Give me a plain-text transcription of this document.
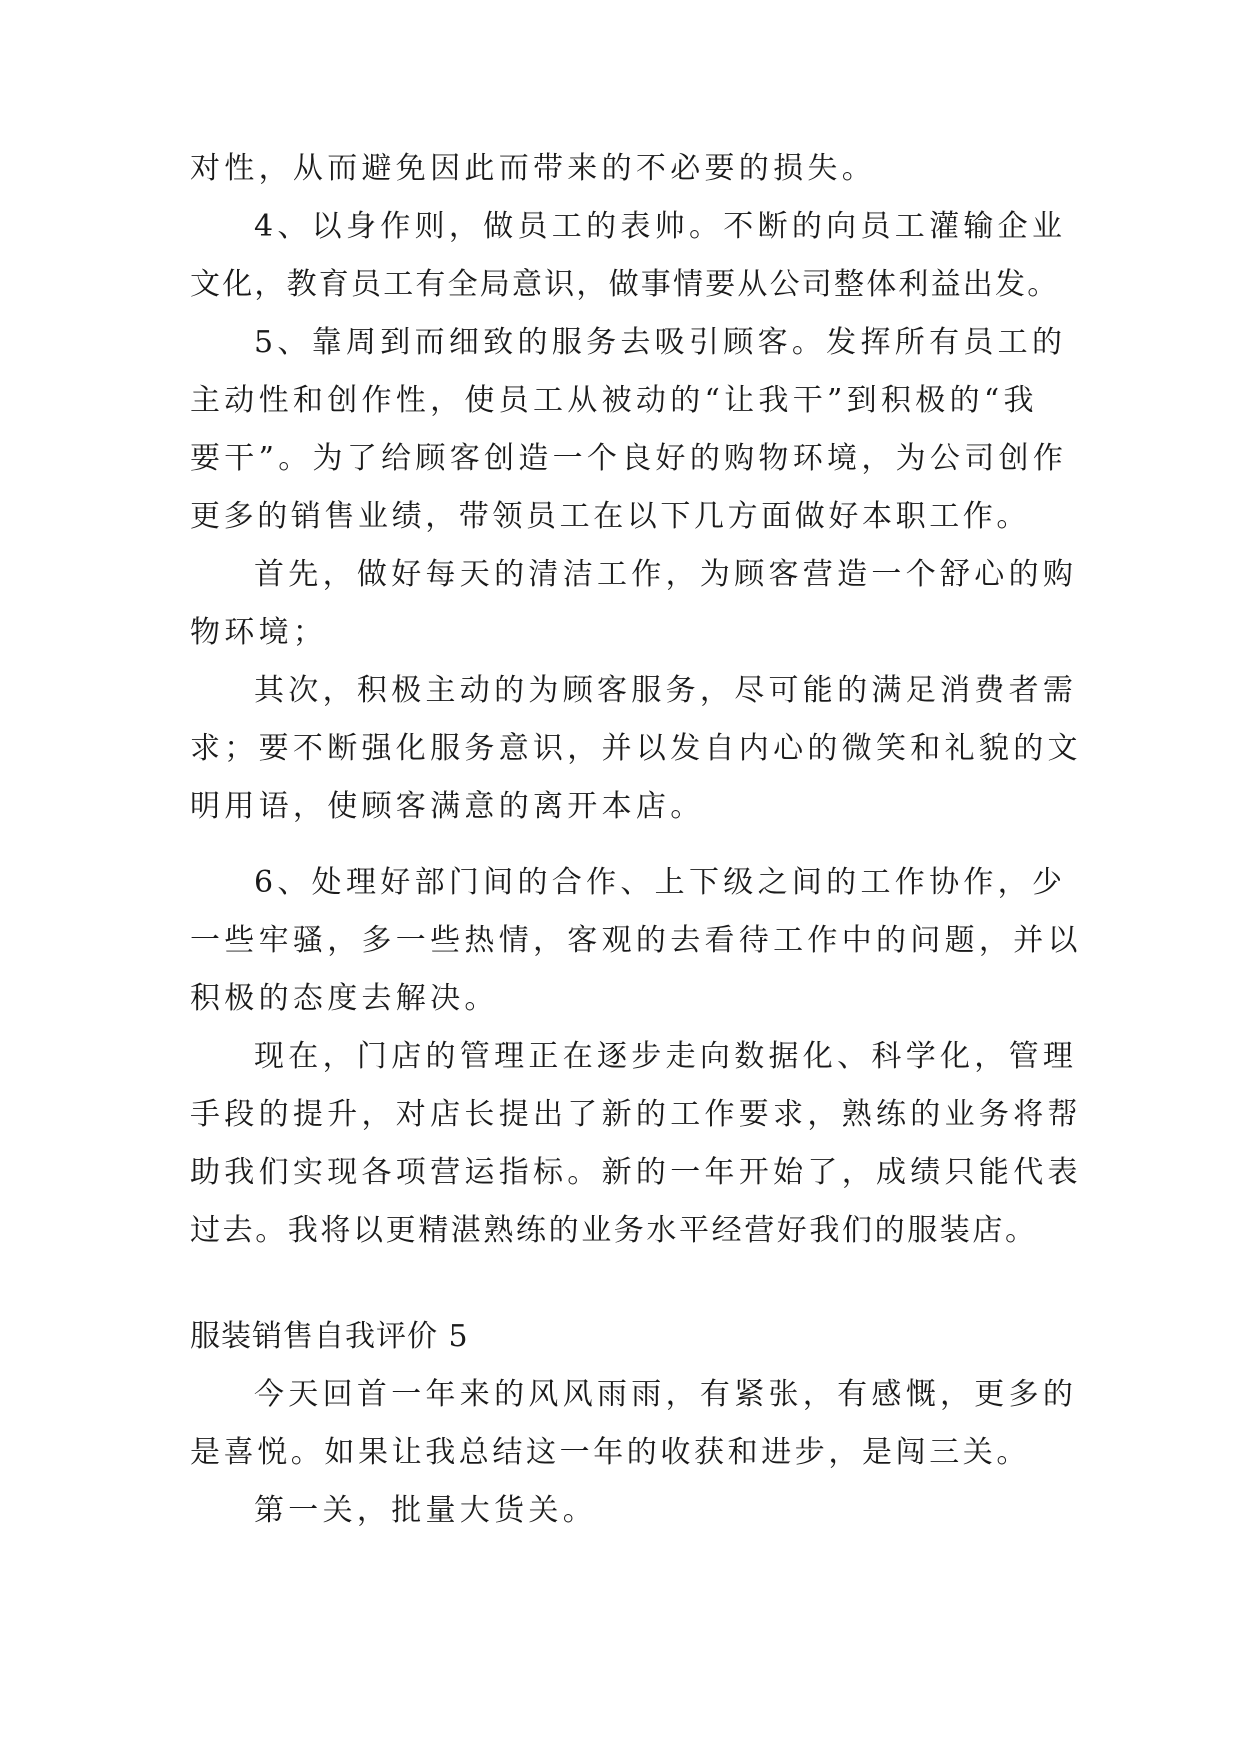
对性，从而避免因此而带来的不必要的损失。

4、以身作则，做员工的表帅。不断的向员工灌输企业

文化，教育员工有全局意识，做事情要从公司整体利益出发。

5、靠周到而细致的服务去吸引顾客。发挥所有员工的

主动性和创作性，使员工从被动的“让我干”到积极的“我

要干”。为了给顾客创造一个良好的购物环境，为公司创作

更多的销售业绩，带领员工在以下几方面做好本职工作。

首先，做好每天的清洁工作，为顾客营造一个舒心的购

物环境；

其次，积极主动的为顾客服务，尽可能的满足消费者需

求；要不断强化服务意识，并以发自内心的微笑和礼貌的文

明用语，使顾客满意的离开本店。

6、处理好部门间的合作、上下级之间的工作协作，少

一些牢骚，多一些热情，客观的去看待工作中的问题，并以

积极的态度去解决。

现在，门店的管理正在逐步走向数据化、科学化，管理

手段的提升，对店长提出了新的工作要求，熟练的业务将帮

助我们实现各项营运指标。新的一年开始了，成绩只能代表

过去。我将以更精湛熟练的业务水平经营好我们的服装店。

服装销售自我评价 5

今天回首一年来的风风雨雨，有紧张，有感慨，更多的

是喜悦。如果让我总结这一年的收获和进步，是闯三关。

第一关，批量大货关。
